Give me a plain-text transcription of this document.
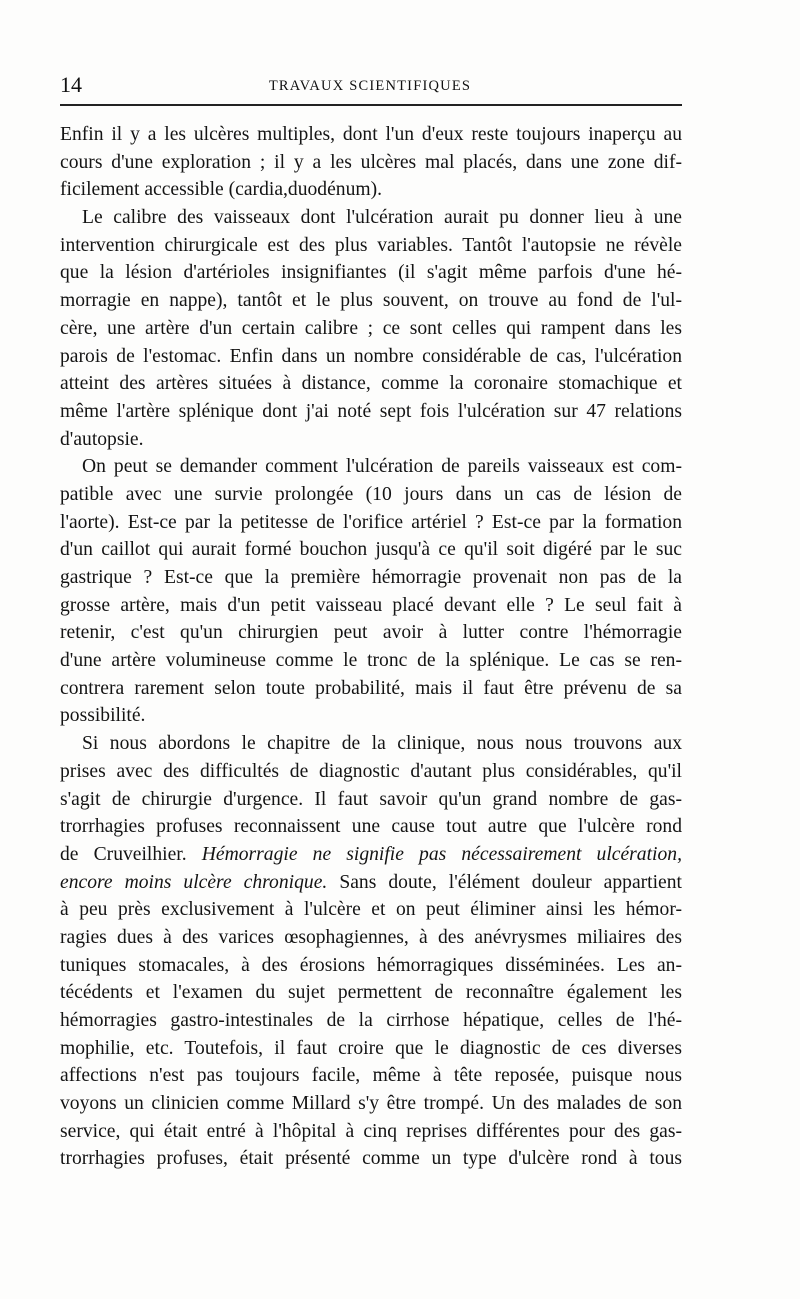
14	TRAVAUX SCIENTIFIQUES
Enfin il y a les ulcères multiples, dont l'un d'eux reste toujours inaperçu au
cours d'une exploration ; il y a les ulcères mal placés, dans une zone dif-
ficilement accessible (cardia,duodénum).
Le calibre des vaisseaux dont l'ulcération aurait pu donner lieu à une
intervention chirurgicale est des plus variables. Tantôt l'autopsie ne révèle
que la lésion d'artérioles insignifiantes (il s'agit même parfois d'une hé-
morragie en nappe), tantôt et le plus souvent, on trouve au fond de l'ul-
cère, une artère d'un certain calibre ; ce sont celles qui rampent dans les
parois de l'estomac. Enfin dans un nombre considérable de cas, l'ulcération
atteint des artères situées à distance, comme la coronaire stomachique et
même l'artère splénique dont j'ai noté sept fois l'ulcération sur 47 relations
d'autopsie.
On peut se demander comment l'ulcération de pareils vaisseaux est com-
patible avec une survie prolongée (10 jours dans un cas de lésion de
l'aorte). Est-ce par la petitesse de l'orifice artériel ? Est-ce par la formation
d'un caillot qui aurait formé bouchon jusqu'à ce qu'il soit digéré par le suc
gastrique ? Est-ce que la première hémorragie provenait non pas de la
grosse artère, mais d'un petit vaisseau placé devant elle ? Le seul fait à
retenir, c'est qu'un chirurgien peut avoir à lutter contre l'hémorragie
d'une artère volumineuse comme le tronc de la splénique. Le cas se ren-
contrera rarement selon toute probabilité, mais il faut être prévenu de sa
possibilité.
Si nous abordons le chapitre de la clinique, nous nous trouvons aux
prises avec des difficultés de diagnostic d'autant plus considérables, qu'il
s'agit de chirurgie d'urgence. Il faut savoir qu'un grand nombre de gas-
trorrhagies profuses reconnaissent une cause tout autre que l'ulcère rond
de Cruveilhier. Hémorragie ne signifie pas nécessairement ulcération,
encore moins ulcère chronique. Sans doute, l'élément douleur appartient
à peu près exclusivement à l'ulcère et on peut éliminer ainsi les hémor-
ragies dues à des varices œsophagiennes, à des anévrysmes miliaires des
tuniques stomacales, à des érosions hémorragiques disséminées. Les an-
técédents et l'examen du sujet permettent de reconnaître également les
hémorragies gastro-intestinales de la cirrhose hépatique, celles de l'hé-
mophilie, etc. Toutefois, il faut croire que le diagnostic de ces diverses
affections n'est pas toujours facile, même à tête reposée, puisque nous
voyons un clinicien comme Millard s'y être trompé. Un des malades de son
service, qui était entré à l'hôpital à cinq reprises différentes pour des gas-
trorrhagies profuses, était présenté comme un type d'ulcère rond à tous
